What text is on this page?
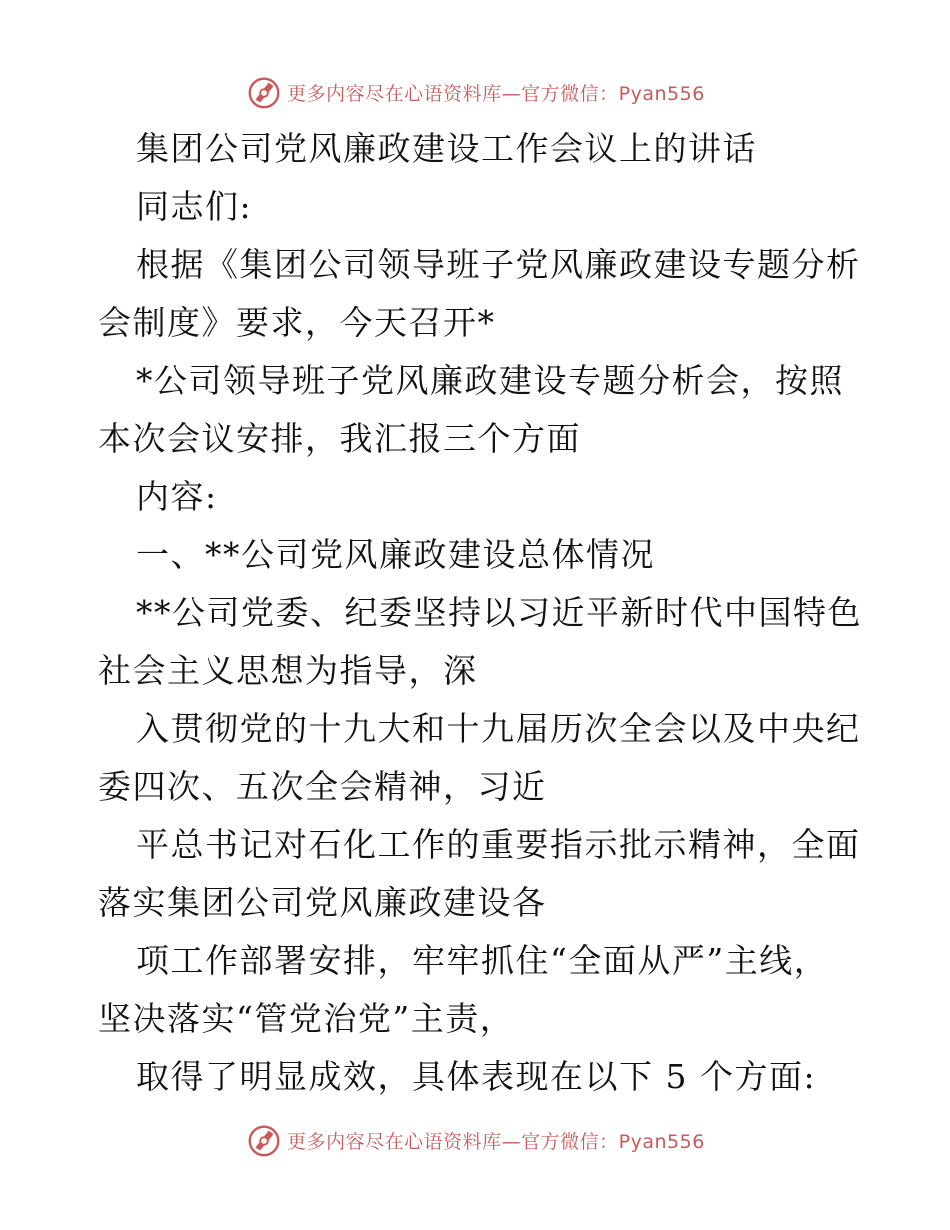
更多内容尽在心语资料库—官方微信：Pyan556

集团公司党风廉政建设工作会议上的讲话

同志们:

根据《集团公司领导班子党风廉政建设专题分析

会制度》要求，今天召开*

*公司领导班子党风廉政建设专题分析会，按照

本次会议安排，我汇报三个方面

内容:

一、**公司党风廉政建设总体情况

**公司党委、纪委坚持以习近平新时代中国特色

社会主义思想为指导，深

入贯彻党的十九大和十九届历次全会以及中央纪

委四次、五次全会精神，习近

平总书记对石化工作的重要指示批示精神，全面

落实集团公司党风廉政建设各

项工作部署安排，牢牢抓住“全面从严”主线，

坚决落实“管党治党”主责，

取得了明显成效，具体表现在以下 5 个方面:

更多内容尽在心语资料库—官方微信：Pyan556
